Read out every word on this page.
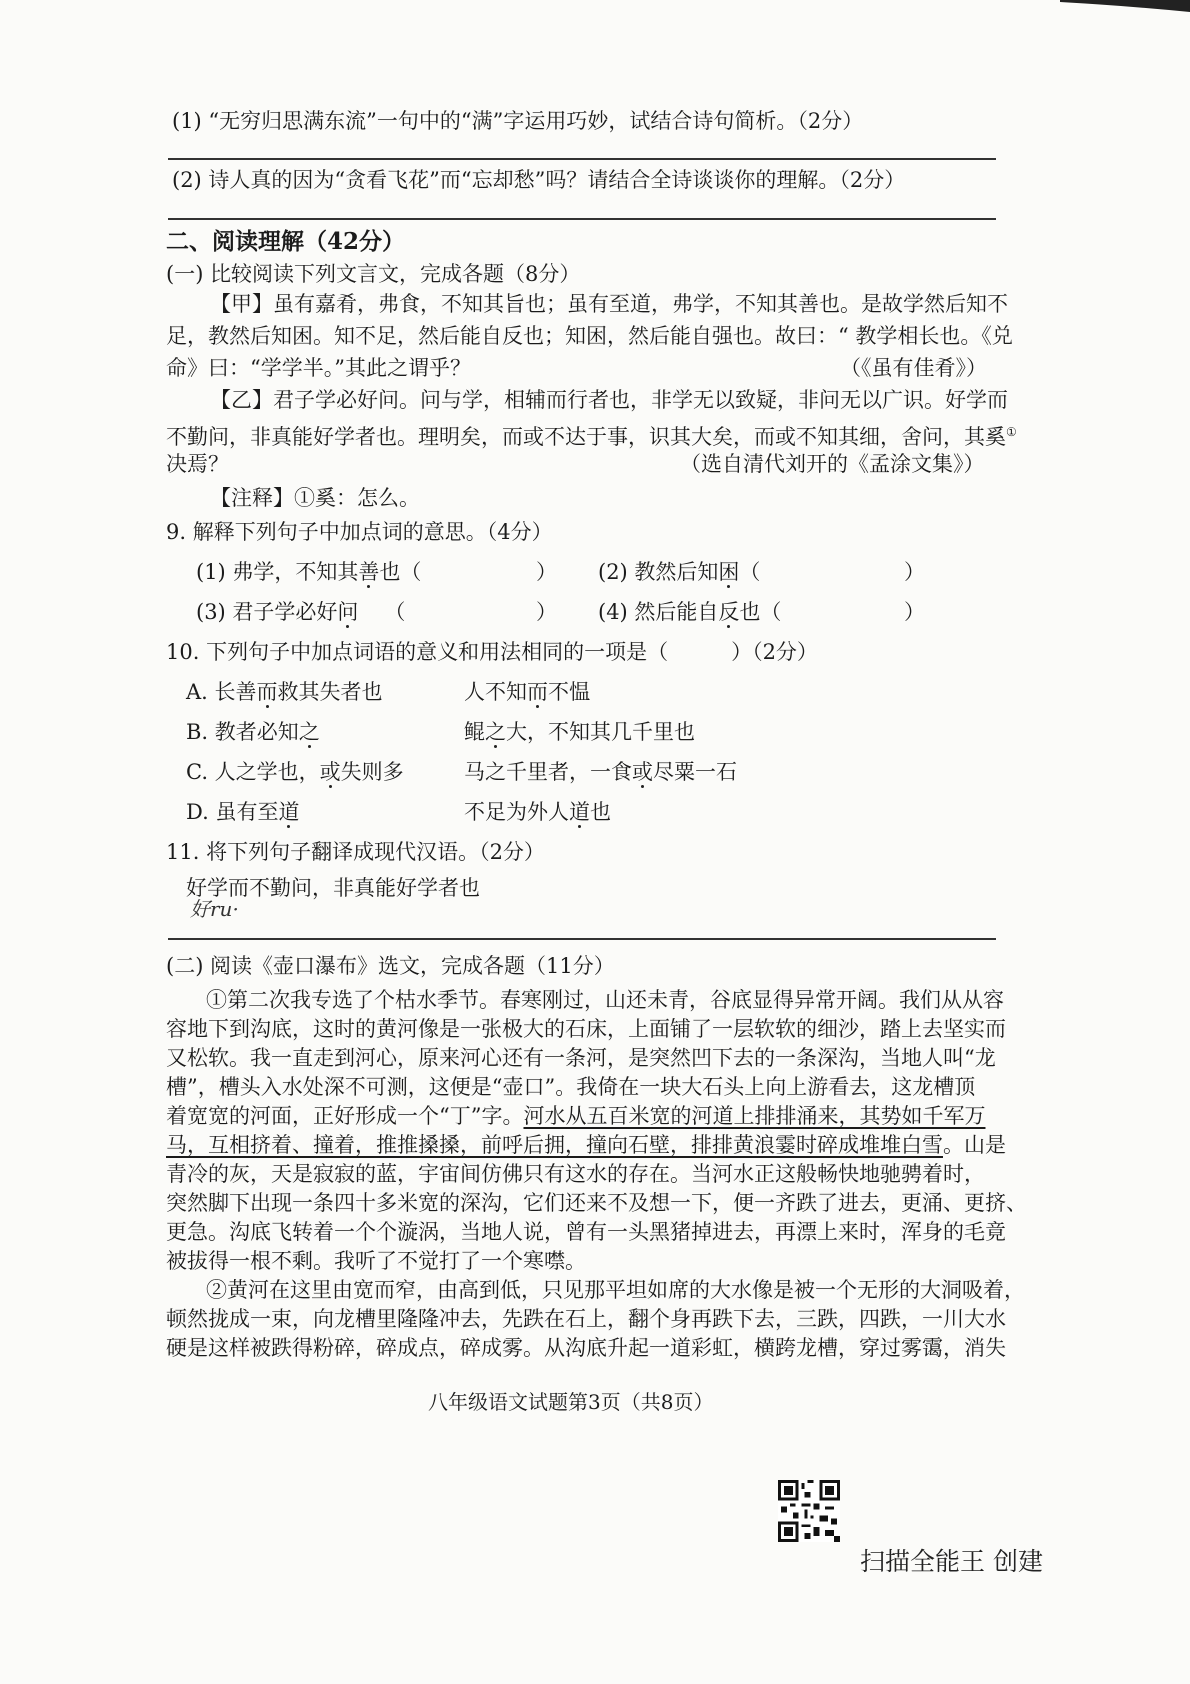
(1) “无穷归思满东流”一句中的“满”字运用巧妙，试结合诗句简析。（2分）
(2) 诗人真的因为“贪看飞花”而“忘却愁”吗？请结合全诗谈谈你的理解。（2分）
二、阅读理解（42分）
(一) 比较阅读下列文言文，完成各题（8分）
【甲】虽有嘉肴，弗食，不知其旨也；虽有至道，弗学，不知其善也。是故学然后知不
足，教然后知困。知不足，然后能自反也；知困，然后能自强也。故曰：“ 教学相长也。《兑
命》曰：“学学半。”其此之谓乎？	（《虽有佳肴》）
【乙】君子学必好问。问与学，相辅而行者也，非学无以致疑，非问无以广识。好学而
不勤问，非真能好学者也。理明矣，而或不达于事，识其大矣，而或不知其细，舍问，其奚①
决焉？	（选自清代刘开的《孟涂文集》）
【注释】①奚：怎么。
9. 解释下列句子中加点词的意思。（4分）
(1) 弗学，不知其善也（	） (2) 教然后知困（	）
(3) 君子学必好问 （	） (4) 然后能自反也（	）
10. 下列句子中加点词语的意义和用法相同的一项是（　　　）（2分）
A. 长善而救其失者也	人不知而不愠
B. 教者必知之	鲲之大，不知其几千里也
C. 人之学也，或失则多	马之千里者，一食或尽粟一石
D. 虽有至道	不足为外人道也
11. 将下列句子翻译成现代汉语。（2分）
好学而不勤问，非真能好学者也
好ru·
(二) 阅读《壶口瀑布》选文，完成各题（11分）
①第二次我专选了个枯水季节。春寒刚过，山还未青，谷底显得异常开阔。我们从从容
容地下到沟底，这时的黄河像是一张极大的石床，上面铺了一层软软的细沙，踏上去坚实而
又松软。我一直走到河心，原来河心还有一条河，是突然凹下去的一条深沟，当地人叫“龙
槽”，槽头入水处深不可测，这便是“壶口”。我倚在一块大石头上向上游看去，这龙槽顶
着宽宽的河面，正好形成一个“丁”字。河水从五百米宽的河道上排排涌来，其势如千军万
马，互相挤着、撞着，推推搡搡，前呼后拥，撞向石壁，排排黄浪霎时碎成堆堆白雪。山是
青冷的灰，天是寂寂的蓝，宇宙间仿佛只有这水的存在。当河水正这般畅快地驰骋着时，
突然脚下出现一条四十多米宽的深沟，它们还来不及想一下，便一齐跌了进去，更涌、更挤、
更急。沟底飞转着一个个漩涡，当地人说，曾有一头黑猪掉进去，再漂上来时，浑身的毛竟
被拔得一根不剩。我听了不觉打了一个寒噤。
②黄河在这里由宽而窄，由高到低，只见那平坦如席的大水像是被一个无形的大洞吸着，
顿然拢成一束，向龙槽里隆隆冲去，先跌在石上，翻个身再跌下去，三跌，四跌，一川大水
硬是这样被跌得粉碎，碎成点，碎成雾。从沟底升起一道彩虹，横跨龙槽，穿过雾霭，消失
八年级语文试题第3页（共8页）
扫描全能王 创建
